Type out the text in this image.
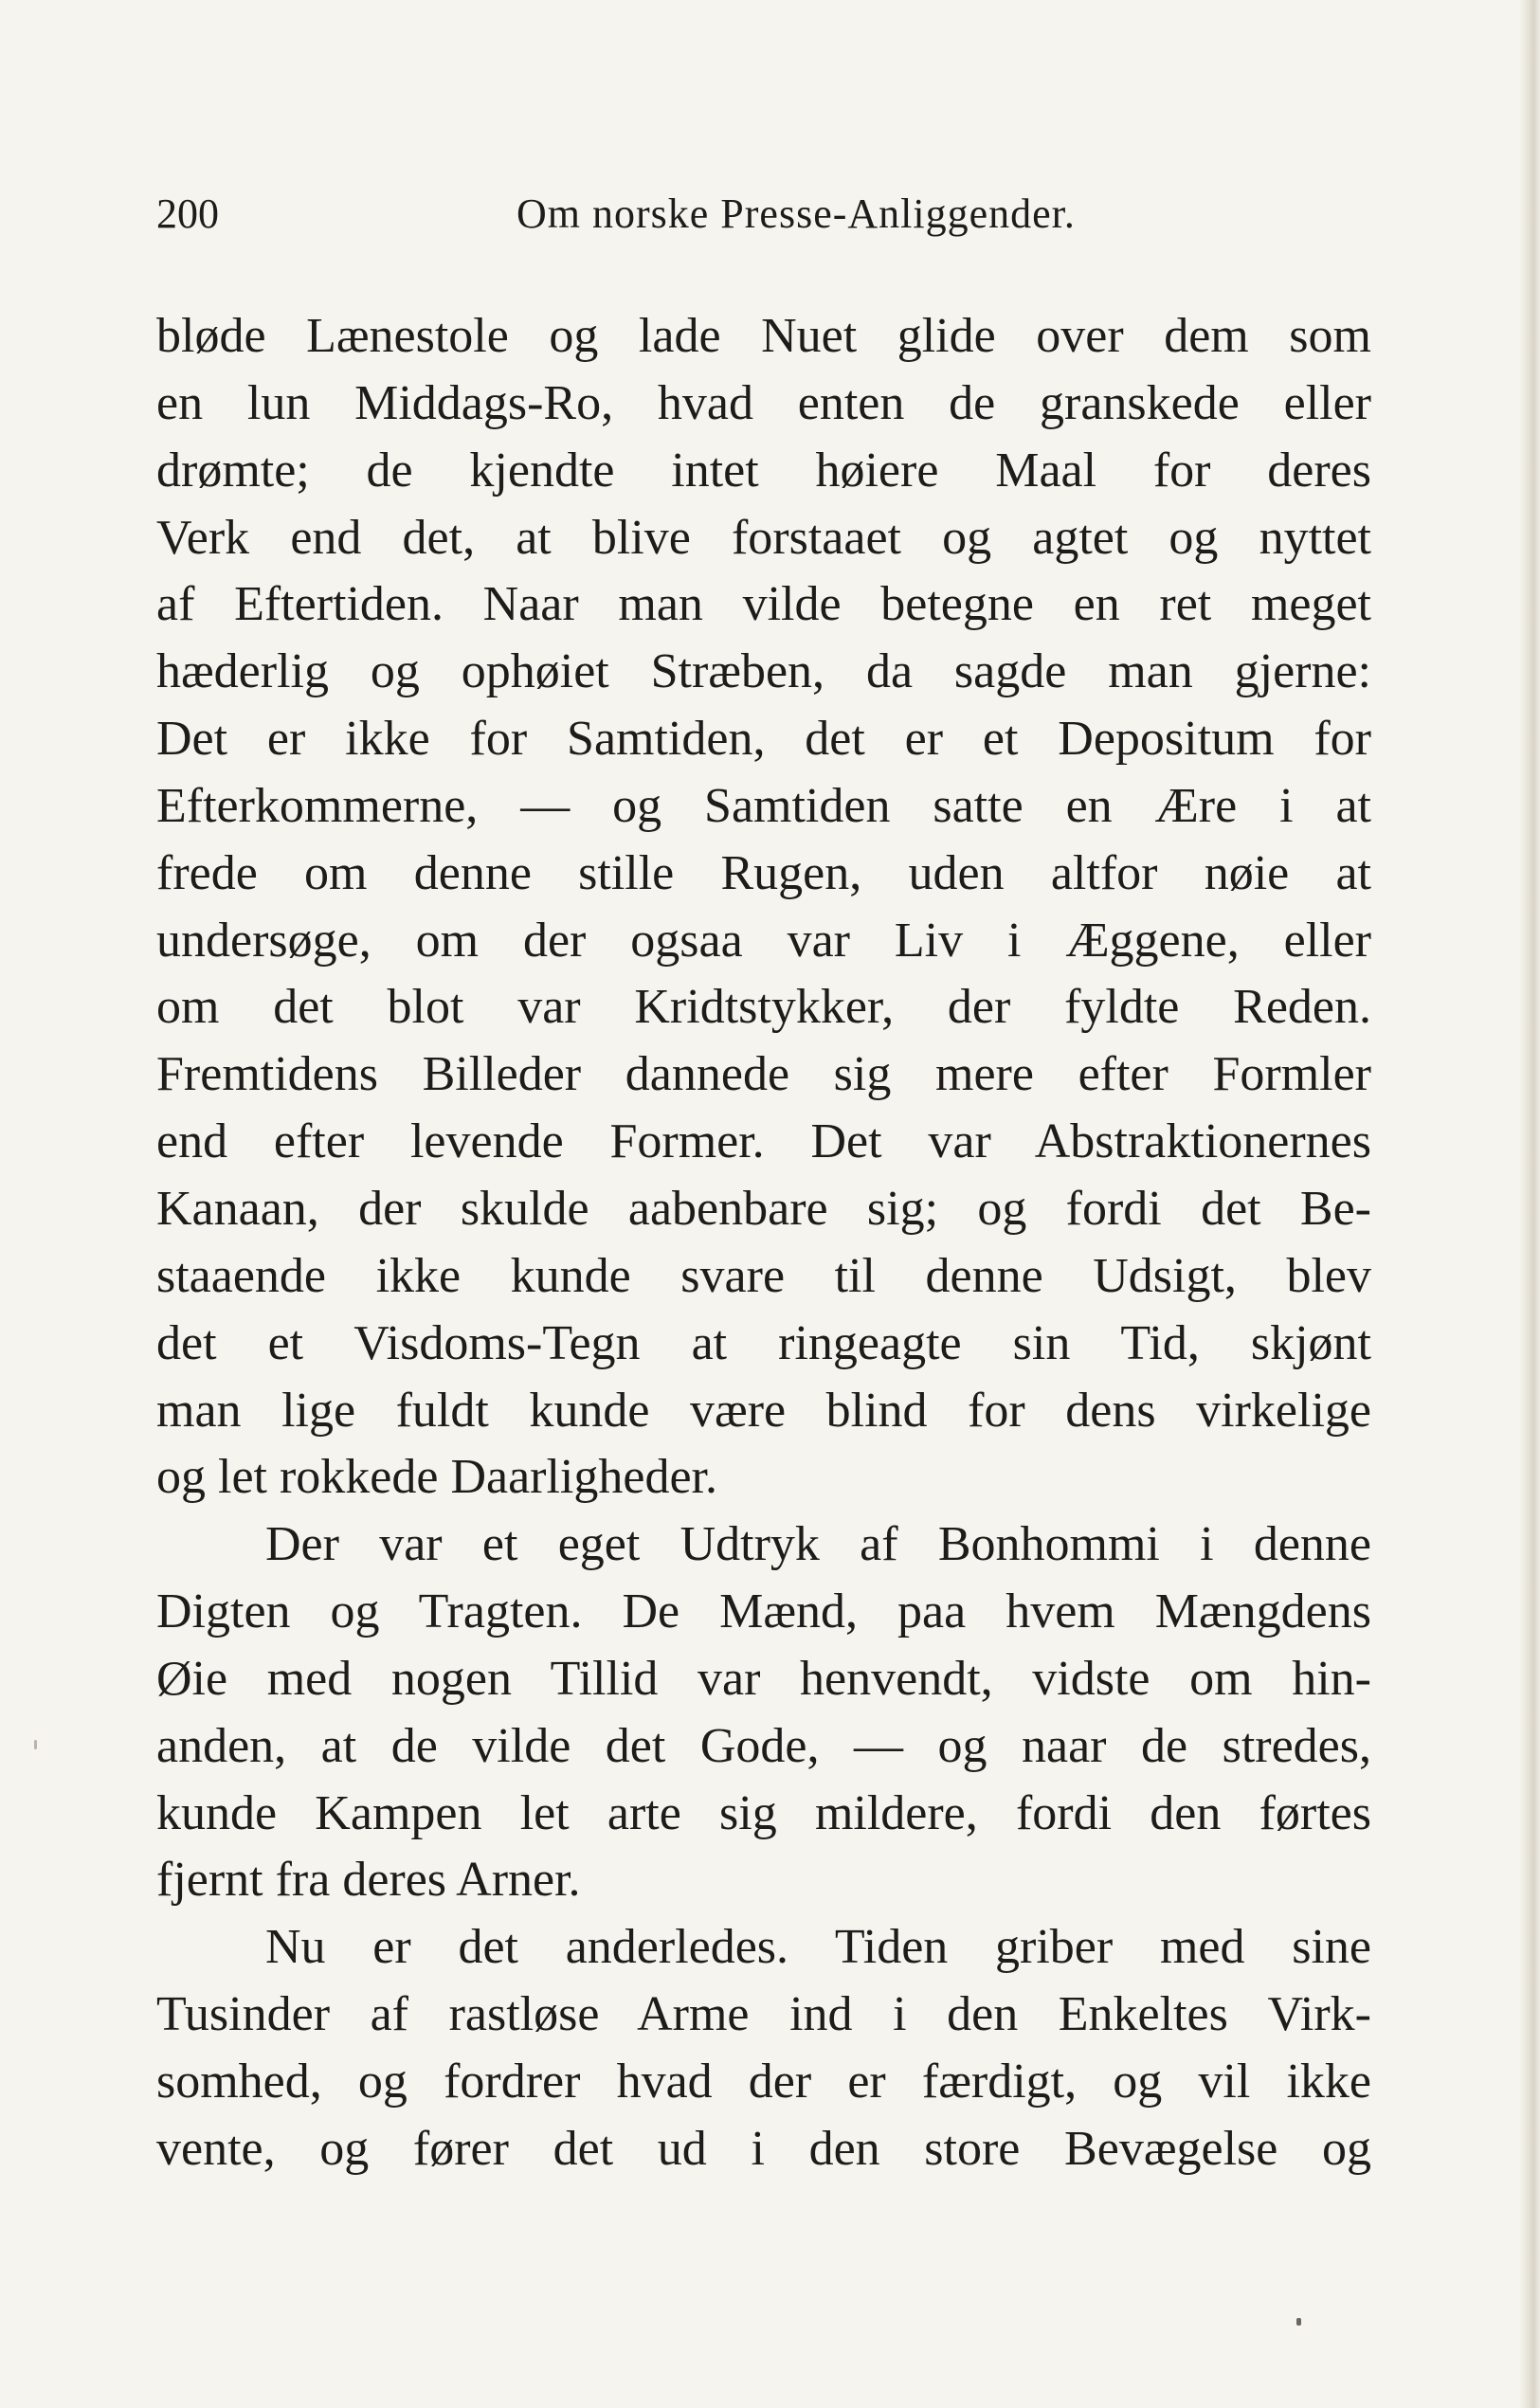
200	Om norske Presse-Anliggender.
bløde Lænestole og lade Nuet glide over dem som
en lun Middags-Ro, hvad enten de granskede eller
drømte; de kjendte intet høiere Maal for deres
Verk end det, at blive forstaaet og agtet og nyttet
af Eftertiden. Naar man vilde betegne en ret meget
hæderlig og ophøiet Stræben, da sagde man gjerne:
Det er ikke for Samtiden, det er et Depositum for
Efterkommerne, — og Samtiden satte en Ære i at
frede om denne stille Rugen, uden altfor nøie at
undersøge, om der ogsaa var Liv i Æggene, eller
om det blot var Kridtstykker, der fyldte Reden.
Fremtidens Billeder dannede sig mere efter Formler
end efter levende Former. Det var Abstraktionernes
Kanaan, der skulde aabenbare sig; og fordi det Be-
staaende ikke kunde svare til denne Udsigt, blev
det et Visdoms-Tegn at ringeagte sin Tid, skjønt
man lige fuldt kunde være blind for dens virkelige
og let rokkede Daarligheder.
Der var et eget Udtryk af Bonhommi i denne
Digten og Tragten. De Mænd, paa hvem Mængdens
Øie med nogen Tillid var henvendt, vidste om hin-
anden, at de vilde det Gode, — og naar de stredes,
kunde Kampen let arte sig mildere, fordi den førtes
fjernt fra deres Arner.
Nu er det anderledes. Tiden griber med sine
Tusinder af rastløse Arme ind i den Enkeltes Virk-
somhed, og fordrer hvad der er færdigt, og vil ikke
vente, og fører det ud i den store Bevægelse og
